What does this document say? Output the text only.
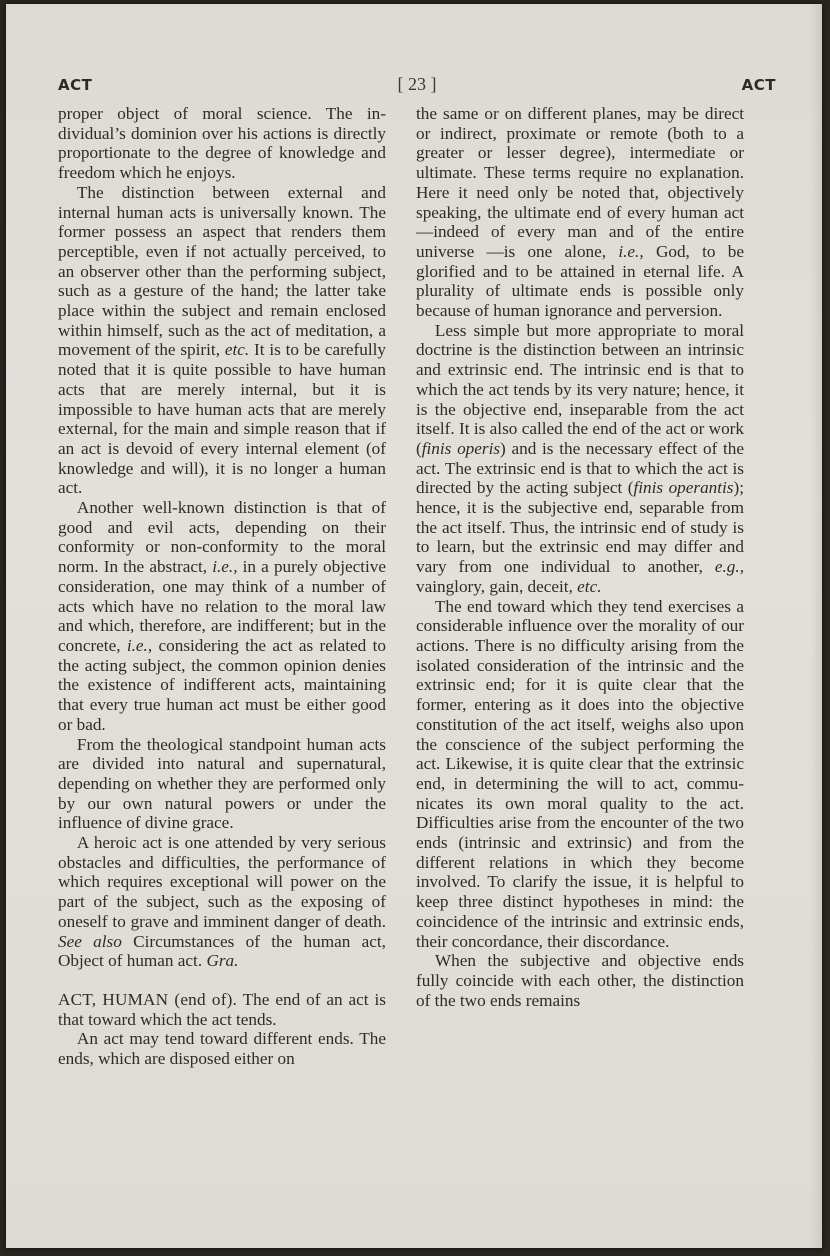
ACT	[ 23 ]	ACT

proper object of moral science. The individual’s dominion over his actions is directly proportionate to the degree of knowledge and freedom which he enjoys.

The distinction between external and internal human acts is universally known. The former possess an aspect that renders them perceptible, even if not actually perceived, to an observer other than the performing subject, such as a gesture of the hand; the latter take place within the subject and remain enclosed within himself, such as the act of meditation, a movement of the spirit, etc. It is to be carefully noted that it is quite possible to have human acts that are merely internal, but it is impossible to have human acts that are merely external, for the main and simple reason that if an act is devoid of every internal element (of knowledge and will), it is no longer a human act.

Another well-known distinction is that of good and evil acts, depending on their conformity or non-conformity to the moral norm. In the abstract, i.e., in a purely objective consideration, one may think of a number of acts which have no relation to the moral law and which, therefore, are indifferent; but in the concrete, i.e., considering the act as related to the acting subject, the common opinion denies the existence of indifferent acts, maintaining that every true human act must be either good or bad.

From the theological standpoint human acts are divided into natural and supernatural, depending on whether they are performed only by our own natural powers or under the influence of divine grace.

A heroic act is one attended by very serious obstacles and difficulties, the performance of which requires exceptional will power on the part of the subject, such as the exposing of oneself to grave and imminent danger of death. See also Circumstances of the human act, Object of human act. Gra.

ACT, HUMAN (end of). The end of an act is that toward which the act tends.

An act may tend toward different ends. The ends, which are disposed either on

the same or on different planes, may be direct or indirect, proximate or remote (both to a greater or lesser degree), intermediate or ultimate. These terms require no explanation. Here it need only be noted that, objectively speaking, the ultimate end of every human act—indeed of every man and of the entire universe —is one alone, i.e., God, to be glorified and to be attained in eternal life. A plurality of ultimate ends is possible only because of human ignorance and perversion.

Less simple but more appropriate to moral doctrine is the distinction between an intrinsic and extrinsic end. The intrinsic end is that to which the act tends by its very nature; hence, it is the objective end, inseparable from the act itself. It is also called the end of the act or work (finis operis) and is the necessary effect of the act. The extrinsic end is that to which the act is directed by the acting subject (finis operantis); hence, it is the subjective end, separable from the act itself. Thus, the intrinsic end of study is to learn, but the extrinsic end may differ and vary from one individual to another, e.g., vainglory, gain, deceit, etc.

The end toward which they tend exercises a considerable influence over the morality of our actions. There is no difficulty arising from the isolated consideration of the intrinsic and the extrinsic end; for it is quite clear that the former, entering as it does into the objective constitution of the act itself, weighs also upon the conscience of the subject performing the act. Likewise, it is quite clear that the extrinsic end, in determining the will to act, communicates its own moral quality to the act. Difficulties arise from the encounter of the two ends (intrinsic and extrinsic) and from the different relations in which they become involved. To clarify the issue, it is helpful to keep three distinct hypotheses in mind: the coincidence of the intrinsic and extrinsic ends, their concordance, their discordance.

When the subjective and objective ends fully coincide with each other, the distinction of the two ends remains
